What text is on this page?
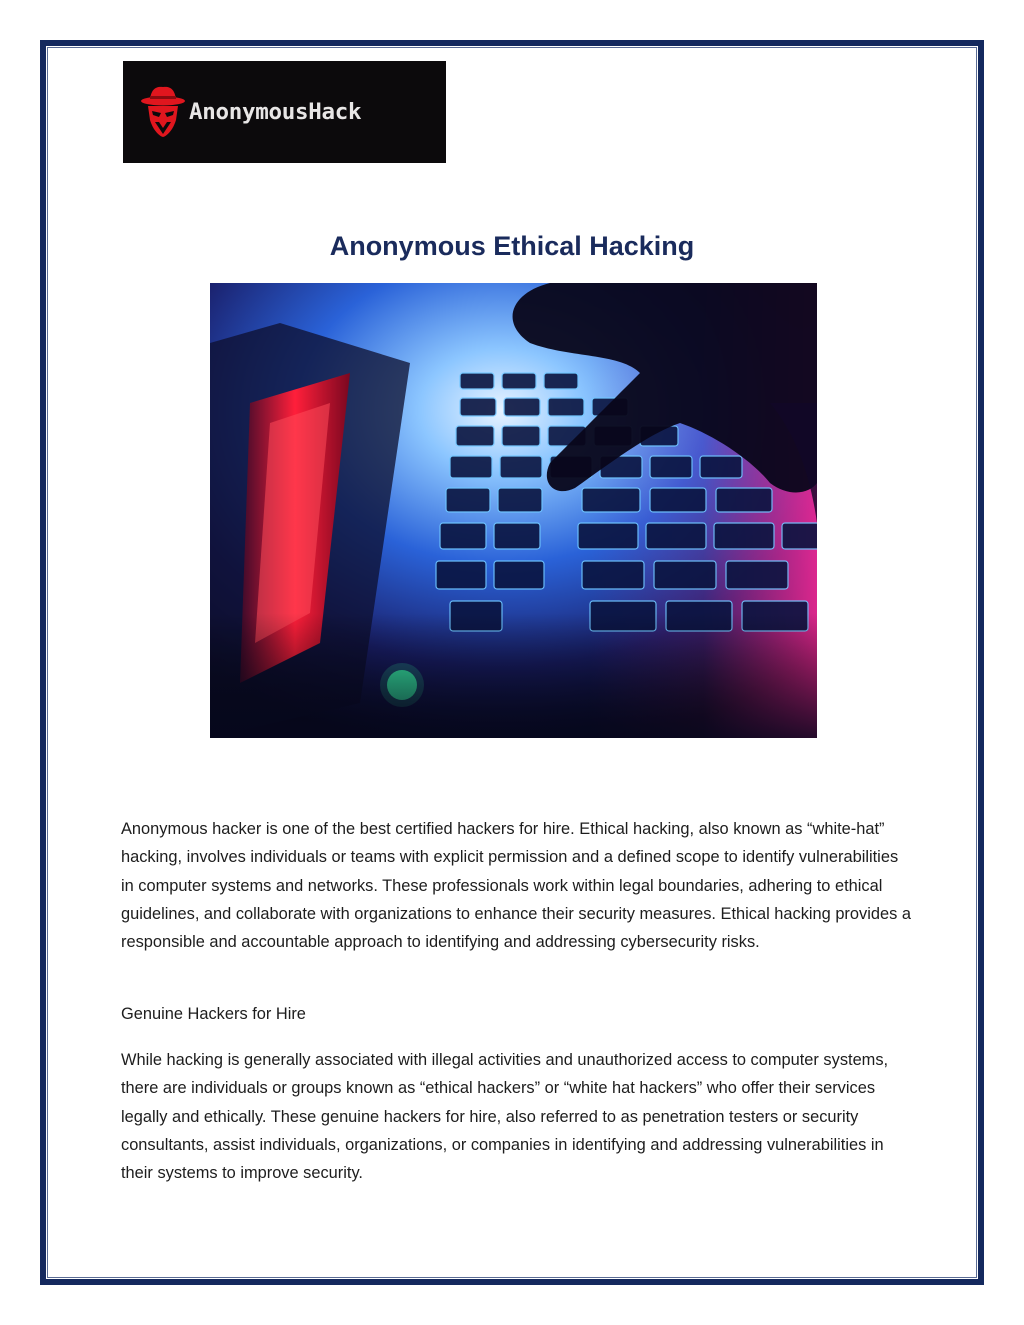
AnonymousHack
Anonymous Ethical Hacking

Anonymous hacker is one of the best certified hackers for hire. Ethical hacking, also known as “white-hat” hacking, involves individuals or teams with explicit permission and a defined scope to identify vulnerabilities in computer systems and networks. These professionals work within legal boundaries, adhering to ethical guidelines, and collaborate with organizations to enhance their security measures. Ethical hacking provides a responsible and accountable approach to identifying and addressing cybersecurity risks.

Genuine Hackers for Hire

While hacking is generally associated with illegal activities and unauthorized access to computer systems, there are individuals or groups known as “ethical hackers” or “white hat hackers” who offer their services legally and ethically. These genuine hackers for hire, also referred to as penetration testers or security consultants, assist individuals, organizations, or companies in identifying and addressing vulnerabilities in their systems to improve security.
